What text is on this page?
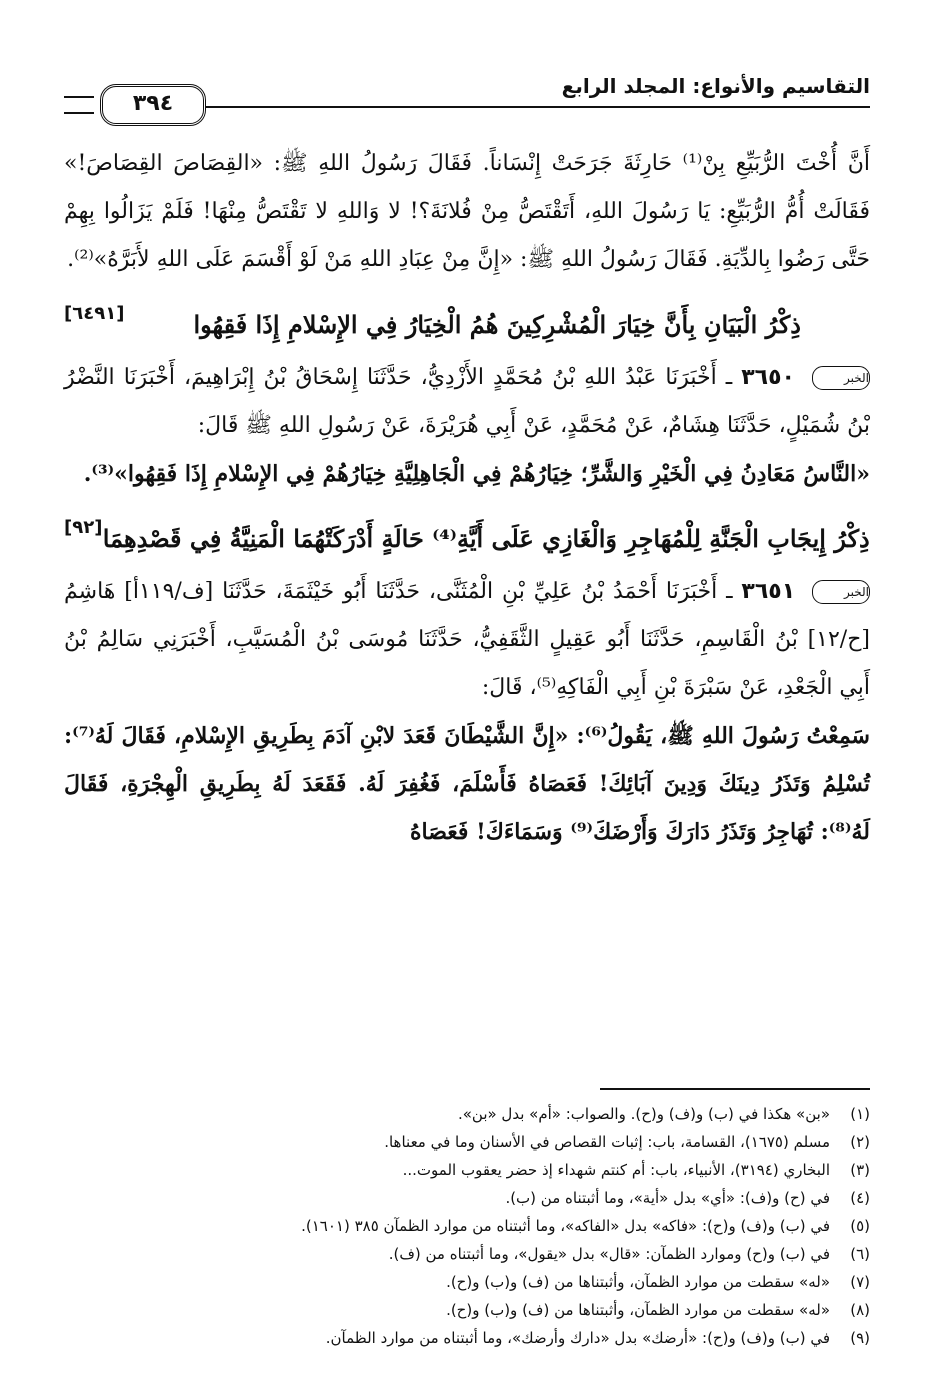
التقاسيم والأنواع: المجلد الرابع
٣٩٤
أَنَّ أُخْتَ الرُّبَيِّعِ بِنْ⁽¹⁾ حَارِثَةَ جَرَحَتْ إِنْسَاناً. فَقَالَ رَسُولُ اللهِ ﷺ: «القِصَاصَ القِصَاصَ!» فَقَالَتْ أُمُّ الرُّبَيِّعِ: يَا رَسُولَ اللهِ، أَتَقْتَصُّ مِنْ فُلانَةَ؟! لا وَاللهِ لا تَقْتَصُّ مِنْهَا! فَلَمْ يَزَالُوا بِهِمْ حَتَّى رَضُوا بِالدِّيَةِ. فَقَالَ رَسُولُ اللهِ ﷺ: «إِنَّ مِنْ عِبَادِ اللهِ مَنْ لَوْ أَقْسَمَ عَلَى اللهِ لأَبَرَّهُ»⁽²⁾.
[٦٤٩١]	ذِكْرُ الْبَيَانِ بِأَنَّ خِيَارَ الْمُشْرِكِينَ هُمُ الْخِيَارُ فِي الإِسْلامِ إِذَا فَقِهُوا
الخبر ٣٦٥٠ ـ أَخْبَرَنَا عَبْدُ اللهِ بْنُ مُحَمَّدٍ الأَزْدِيُّ، حَدَّثَنَا إِسْحَاقُ بْنُ إِبْرَاهِيمَ، أَخْبَرَنَا النَّضْرُ بْنُ شُمَيْلٍ، حَدَّثَنَا هِشَامٌ، عَنْ مُحَمَّدٍ، عَنْ أَبِي هُرَيْرَةَ، عَنْ رَسُولِ اللهِ ﷺ قَالَ:
«النَّاسُ مَعَادِنُ فِي الْخَيْرِ وَالشَّرِّ؛ خِيَارُهُمْ فِي الْجَاهِلِيَّةِ خِيَارُهُمْ فِي الإِسْلامِ إِذَا فَقِهُوا»⁽³⁾.
[٩٢] ذِكْرُ إِيجَابِ الْجَنَّةِ لِلْمُهَاجِرِ وَالْغَازِي عَلَى أَيَّةِ⁽⁴⁾ حَالَةٍ أَدْرَكَتْهُمَا الْمَنِيَّةُ فِي قَصْدِهِمَا
الخبر ٣٦٥١ ـ أَخْبَرَنَا أَحْمَدُ بْنُ عَلِيِّ بْنِ الْمُثَنَّى، حَدَّثَنَا أَبُو خَيْثَمَةَ، حَدَّثَنَا [ف/١١٩أ] هَاشِمُ [ح/١٢] بْنُ الْقَاسِمِ، حَدَّثَنَا أَبُو عَقِيلٍ الثَّقَفِيُّ، حَدَّثَنَا مُوسَى بْنُ الْمُسَيَّبِ، أَخْبَرَنِي سَالِمُ بْنُ أَبِي الْجَعْدِ، عَنْ سَبْرَةَ بْنِ أَبِي الْفَاكِهِ⁽⁵⁾، قَالَ:
سَمِعْتُ رَسُولَ اللهِ ﷺ، يَقُولُ⁽⁶⁾: «إِنَّ الشَّيْطَانَ قَعَدَ لابْنِ آدَمَ بِطَرِيقِ الإِسْلامِ، فَقَالَ لَهُ⁽⁷⁾: تُسْلِمُ وَتَذَرُ دِينَكَ وَدِينَ آبَائِكَ! فَعَصَاهُ فَأَسْلَمَ، فَغُفِرَ لَهُ. فَقَعَدَ لَهُ بِطَرِيقِ الْهِجْرَةِ، فَقَالَ لَهُ⁽⁸⁾: تُهَاجِرُ وَتَذَرُ دَارَكَ وَأَرْضَكَ⁽⁹⁾ وَسَمَاءَكَ! فَعَصَاهُ
(١)«بن» هكذا في (ب) و(ف) و(ح). والصواب: «أم» بدل «بن».
(٢)مسلم (١٦٧٥)، القسامة، باب: إثبات القصاص في الأسنان وما في معناها.
(٣)البخاري (٣١٩٤)، الأنبياء، باب: أم كنتم شهداء إذ حضر يعقوب الموت...
(٤)في (ح) و(ف): «أي» بدل «أية»، وما أثبتناه من (ب).
(٥)في (ب) و(ف) و(ح): «فاكه» بدل «الفاكه»، وما أثبتناه من موارد الظمآن ٣٨٥ (١٦٠١).
(٦)في (ب) و(ح) وموارد الظمآن: «قال» بدل «يقول»، وما أثبتناه من (ف).
(٧)«له» سقطت من موارد الظمآن، وأثبتناها من (ف) و(ب) و(ح).
(٨)«له» سقطت من موارد الظمآن، وأثبتناها من (ف) و(ب) و(ح).
(٩)في (ب) و(ف) و(ح): «أرضك» بدل «دارك وأرضك»، وما أثبتناه من موارد الظمآن.
